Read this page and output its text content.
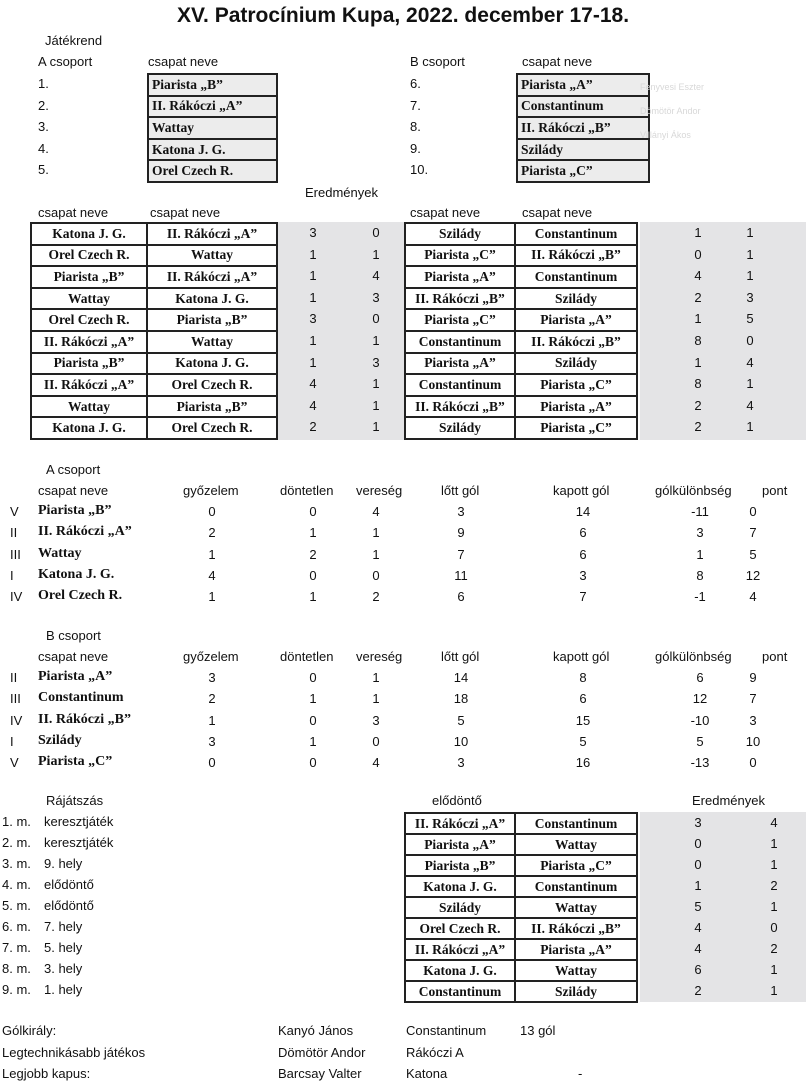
XV. Patrocínium Kupa, 2022. december 17-18.
Játékrend
A csoport	csapat neve	B csoport	csapat neve
1.	Piarista „B”
2.	II. Rákóczi „A”
3.	Wattay
4.	Katona J. G.
5.	Orel Czech R.
6.	Piarista „A”
7.	Constantinum
8.	II. Rákóczi „B”
9.	Szilády
10.	Piarista „C”
Fenyvesi Eszter
Dömötör Andor
Villányi Ákos
Eredmények
csapat neve	csapat neve	csapat neve	csapat neve
Katona J. G.	II. Rákóczi „A”	3	0
Orel Czech R.	Wattay	1	1
Piarista „B”	II. Rákóczi „A”	1	4
Wattay	Katona J. G.	1	3
Orel Czech R.	Piarista „B”	3	0
II. Rákóczi „A”	Wattay	1	1
Piarista „B”	Katona J. G.	1	3
II. Rákóczi „A”	Orel Czech R.	4	1
Wattay	Piarista „B”	4	1
Katona J. G.	Orel Czech R.	2	1
Szilády	Constantinum	1	1
Piarista „C”	II. Rákóczi „B”	0	1
Piarista „A”	Constantinum	4	1
II. Rákóczi „B”	Szilády	2	3
Piarista „C”	Piarista „A”	1	5
Constantinum	II. Rákóczi „B”	8	0
Piarista „A”	Szilády	1	4
Constantinum	Piarista „C”	8	1
II. Rákóczi „B”	Piarista „A”	2	4
Szilády	Piarista „C”	2	1
A csoport
csapat neve	győzelem	döntetlen vereség	lőtt gól	kapott gól	gólkülönbség pont
V Piarista „B”	0	0	4	3	14	-11	0
II II. Rákóczi „A”	2	1	1	9	6	3	7
III Wattay	1	2	1	7	6	1	5
I Katona J. G.	4	0	0	11	3	8	12
IV Orel Czech R.	1	1	2	6	7	-1	4
B csoport
csapat neve	győzelem	döntetlen vereség	lőtt gól	kapott gól	gólkülönbség pont
II Piarista „A”	3	0	1	14	8	6	9
III Constantinum	2	1	1	18	6	12	7
IV II. Rákóczi „B”	1	0	3	5	15	-10	3
I Szilády	3	1	0	10	5	5	10
V Piarista „C”	0	0	4	3	16	-13	0
Rájátszás	elődöntő	Eredmények
1. m. keresztjáték	II. Rákóczi „A”	Constantinum	3	4
2. m. keresztjáték	Piarista „A”	Wattay	0	1
3. m. 9. hely	Piarista „B”	Piarista „C”	0	1
4. m. elődöntő	Katona J. G.	Constantinum	1	2
5. m. elődöntő	Szilády	Wattay	5	1
6. m. 7. hely	Orel Czech R.	II. Rákóczi „B”	4	0
7. m. 5. hely	II. Rákóczi „A”	Piarista „A”	4	2
8. m. 3. hely	Katona J. G.	Wattay	6	1
9. m. 1. hely	Constantinum	Szilády	2	1
Gólkirály:	Kanyó János	Constantinum	13 gól
Legtechnikásabb játékos	Dömötör Andor	Rákóczi A
Legjobb kapus:	Barcsay Valter	Katona	-
